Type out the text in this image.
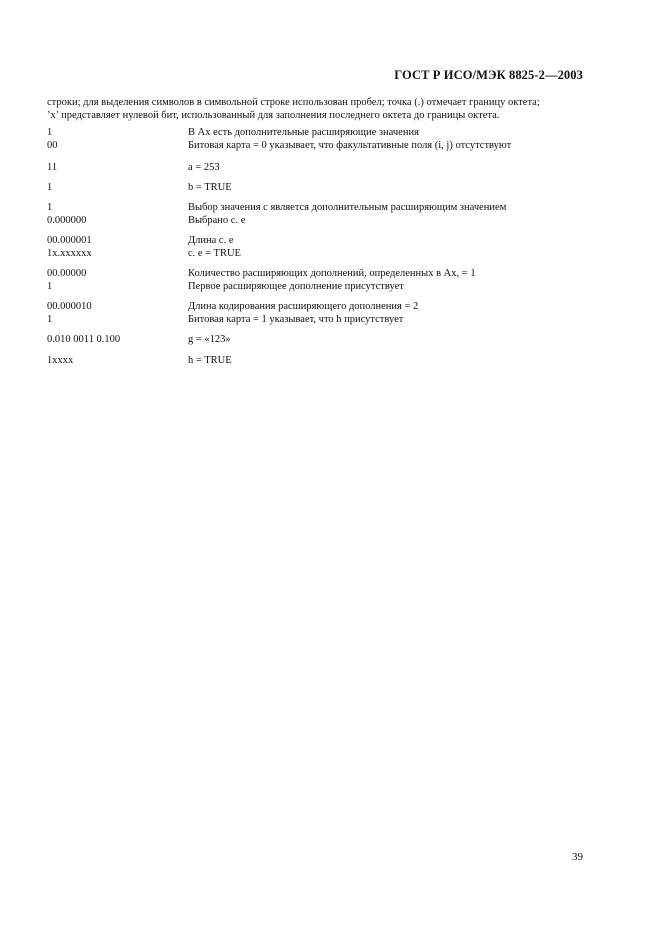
ГОСТ Р ИСО/МЭК 8825-2—2003

строки; для выделения символов в символьной строке использован пробел; точка (.) отмечает границу октета;

’x’ представляет нулевой бит, использованный для заполнения последнего октета до границы октета.

1	В Ax есть дополнительные расширяющие значения
00	Битовая карта = 0 указывает, что факультативные поля (i, j) отсутствуют
11	a = 253
1	b = TRUE
1	Выбор значения c является дополнительным расширяющим значением
0.000000	Выбрано c. e
00.000001	Длина c. e
1x.xxxxxx	c. e = TRUE
00.00000	Количество расширяющих дополнений, определенных в Ax, = 1
1	Первое расширяющее дополнение присутствует
00.000010	Длина кодирования расширяющего дополнения = 2
1	Битовая карта = 1 указывает, что h присутствует
0.010 0011 0.100	g = «123»
1xxxx	h = TRUE
39
